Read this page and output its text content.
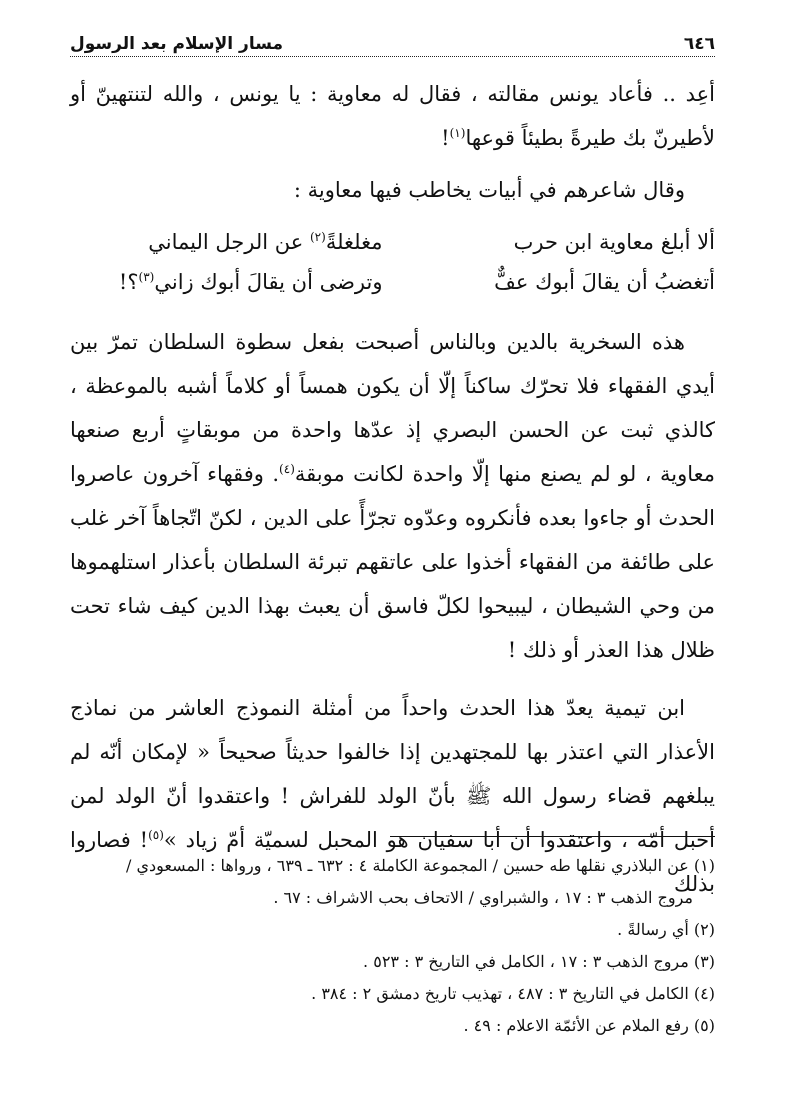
٦٤٦
مسار الإسلام بعد الرسول

أعِد .. فأعاد يونس مقالته ، فقال له معاوية : يا يونس ، والله لتنتهينّ أو لأطيرنّ بك طيرةً بطيئاً قوعها$^{(١)}$!

وقال شاعرهم في أبيات يخاطب فيها معاوية :

ألا أبلغ معاوية ابن حرب
مغلغلةً$^{(٢)}$ عن الرجل اليماني
أتغضبُ أن يقالَ أبوك عفٌّ
وترضى أن يقالَ أبوك زاني$^{(٣)}$؟!

هذه السخرية بالدين وبالناس أصبحت بفعل سطوة السلطان تمرّ بين أيدي الفقهاء فلا تحرّك ساكناً إلّا أن يكون همساً أو كلاماً أشبه بالموعظة ، كالذي ثبت عن الحسن البصري إذ عدّها واحدة من موبقاتٍ أربع صنعها معاوية ، لو لم يصنع منها إلّا واحدة لكانت موبقة$^{(٤)}$. وفقهاء آخرون عاصروا الحدث أو جاءوا بعده فأنكروه وعدّوه تجرّأً على الدين ، لكنّ اتّجاهاً آخر غلب على طائفة من الفقهاء أخذوا على عاتقهم تبرئة السلطان بأعذار استلهموها من وحي الشيطان ، ليبيحوا لكلّ فاسق أن يعبث بهذا الدين كيف شاء تحت ظلال هذا العذر أو ذلك !

ابن تيمية يعدّ هذا الحدث واحداً من أمثلة النموذج العاشر من نماذج الأعذار التي اعتذر بها للمجتهدين إذا خالفوا حديثاً صحيحاً « لإمكان أنّه لم يبلغهم قضاء رسول الله ﷺ بأنّ الولد للفراش ! واعتقدوا أنّ الولد لمن أحبل أمّه ، واعتقدوا أن أبا سفيان هو المحبل لسميّة أمّ زياد »$^{(٥)}$! فصاروا بذلك

(١) عن البلاذري نقلها طه حسين / المجموعة الكاملة ٤ : ٦٣٢ ـ ٦٣٩ ، ورواها : المسعودي /

مروج الذهب ٣ : ١٧ ، والشبراوي / الاتحاف بحب الاشراف : ٦٧ .

(٢) أي رسالةً .

(٣) مروج الذهب ٣ : ١٧ ، الكامل في التاريخ ٣ : ٥٢٣ .

(٤) الكامل في التاريخ ٣ : ٤٨٧ ، تهذيب تاريخ دمشق ٢ : ٣٨٤ .

(٥) رفع الملام عن الأئمّة الاعلام : ٤٩ .
